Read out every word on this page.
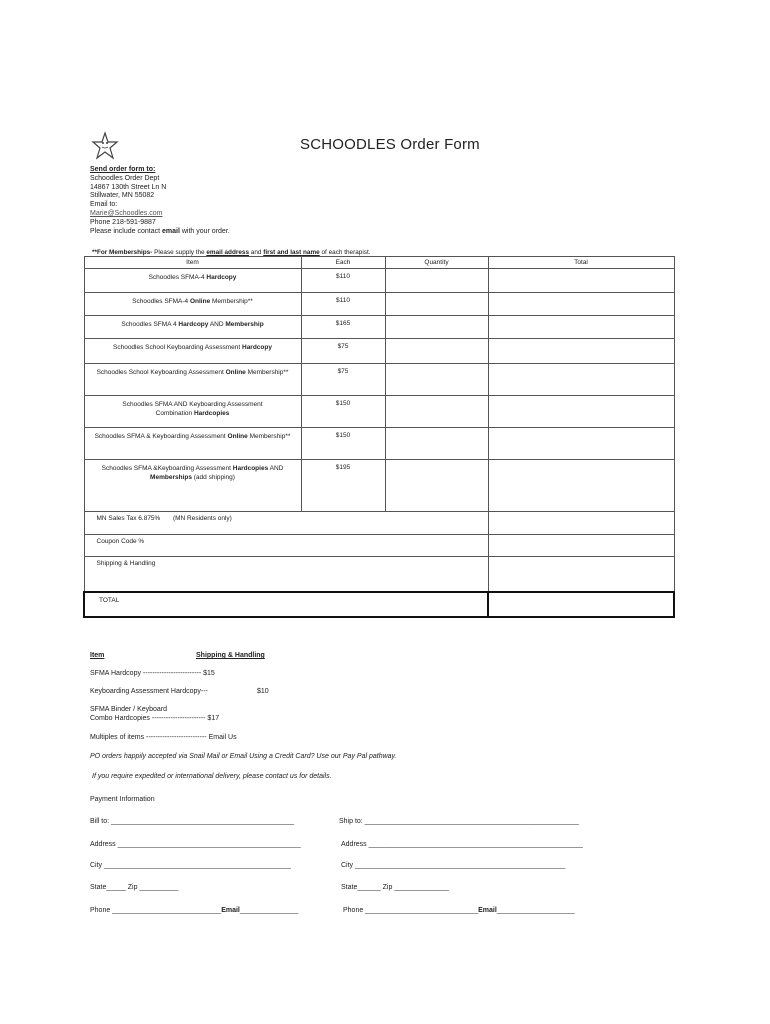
SCHOODLES Order Form
Send order form to:
Schoodles Order Dept
14867 130th Street Ln N
Stillwater, MN 55082
Email to:
Marie@Schoodles.com
Phone 218-591-9887
Please include contact email with your order.
**For Memberships- Please supply the email address and first and last name of each therapist.
Item	Each	Quantity	Total
Schoodles SFMA-4 Hardcopy	$110		
Schoodles SFMA-4 Online Membership**	$110		
Schoodles SFMA 4 Hardcopy AND Membership	$165		
Schoodles School Keyboarding Assessment Hardcopy	$75		
Schoodles School Keyboarding Assessment Online Membership**	$75		
Schoodles SFMA AND Keyboarding Assessment Combination Hardcopies	$150		
Schoodles SFMA & Keyboarding Assessment Online Membership**	$150		
Schoodles SFMA &Keyboarding Assessment Hardcopies AND Memberships (add shipping)	$195		
MN Sales Tax 6.875%       (MN Residents only)			
Coupon Code %			
Shipping & Handling			
TOTAL			
Item	Shipping & Handling
SFMA Hardcopy ------------------------- $15
Keyboarding Assessment Hardcopy---	$10
SFMA Binder / Keyboard
Combo Hardcopies ----------------------- $17
Multiples of items -------------------------- Email Us
PO orders happily accepted via Snail Mail or Email Using a Credit Card? Use our Pay Pal pathway.
If you require expedited or international delivery, please contact us for details.
Payment Information
Bill to: _______________________________________________	Ship to: _______________________________________________________
Address _______________________________________________	Address _______________________________________________________
City ________________________________________________	City ______________________________________________________
State_____ Zip __________	State______ Zip ______________
Phone ____________________________Email_______________	Phone _____________________________Email____________________
